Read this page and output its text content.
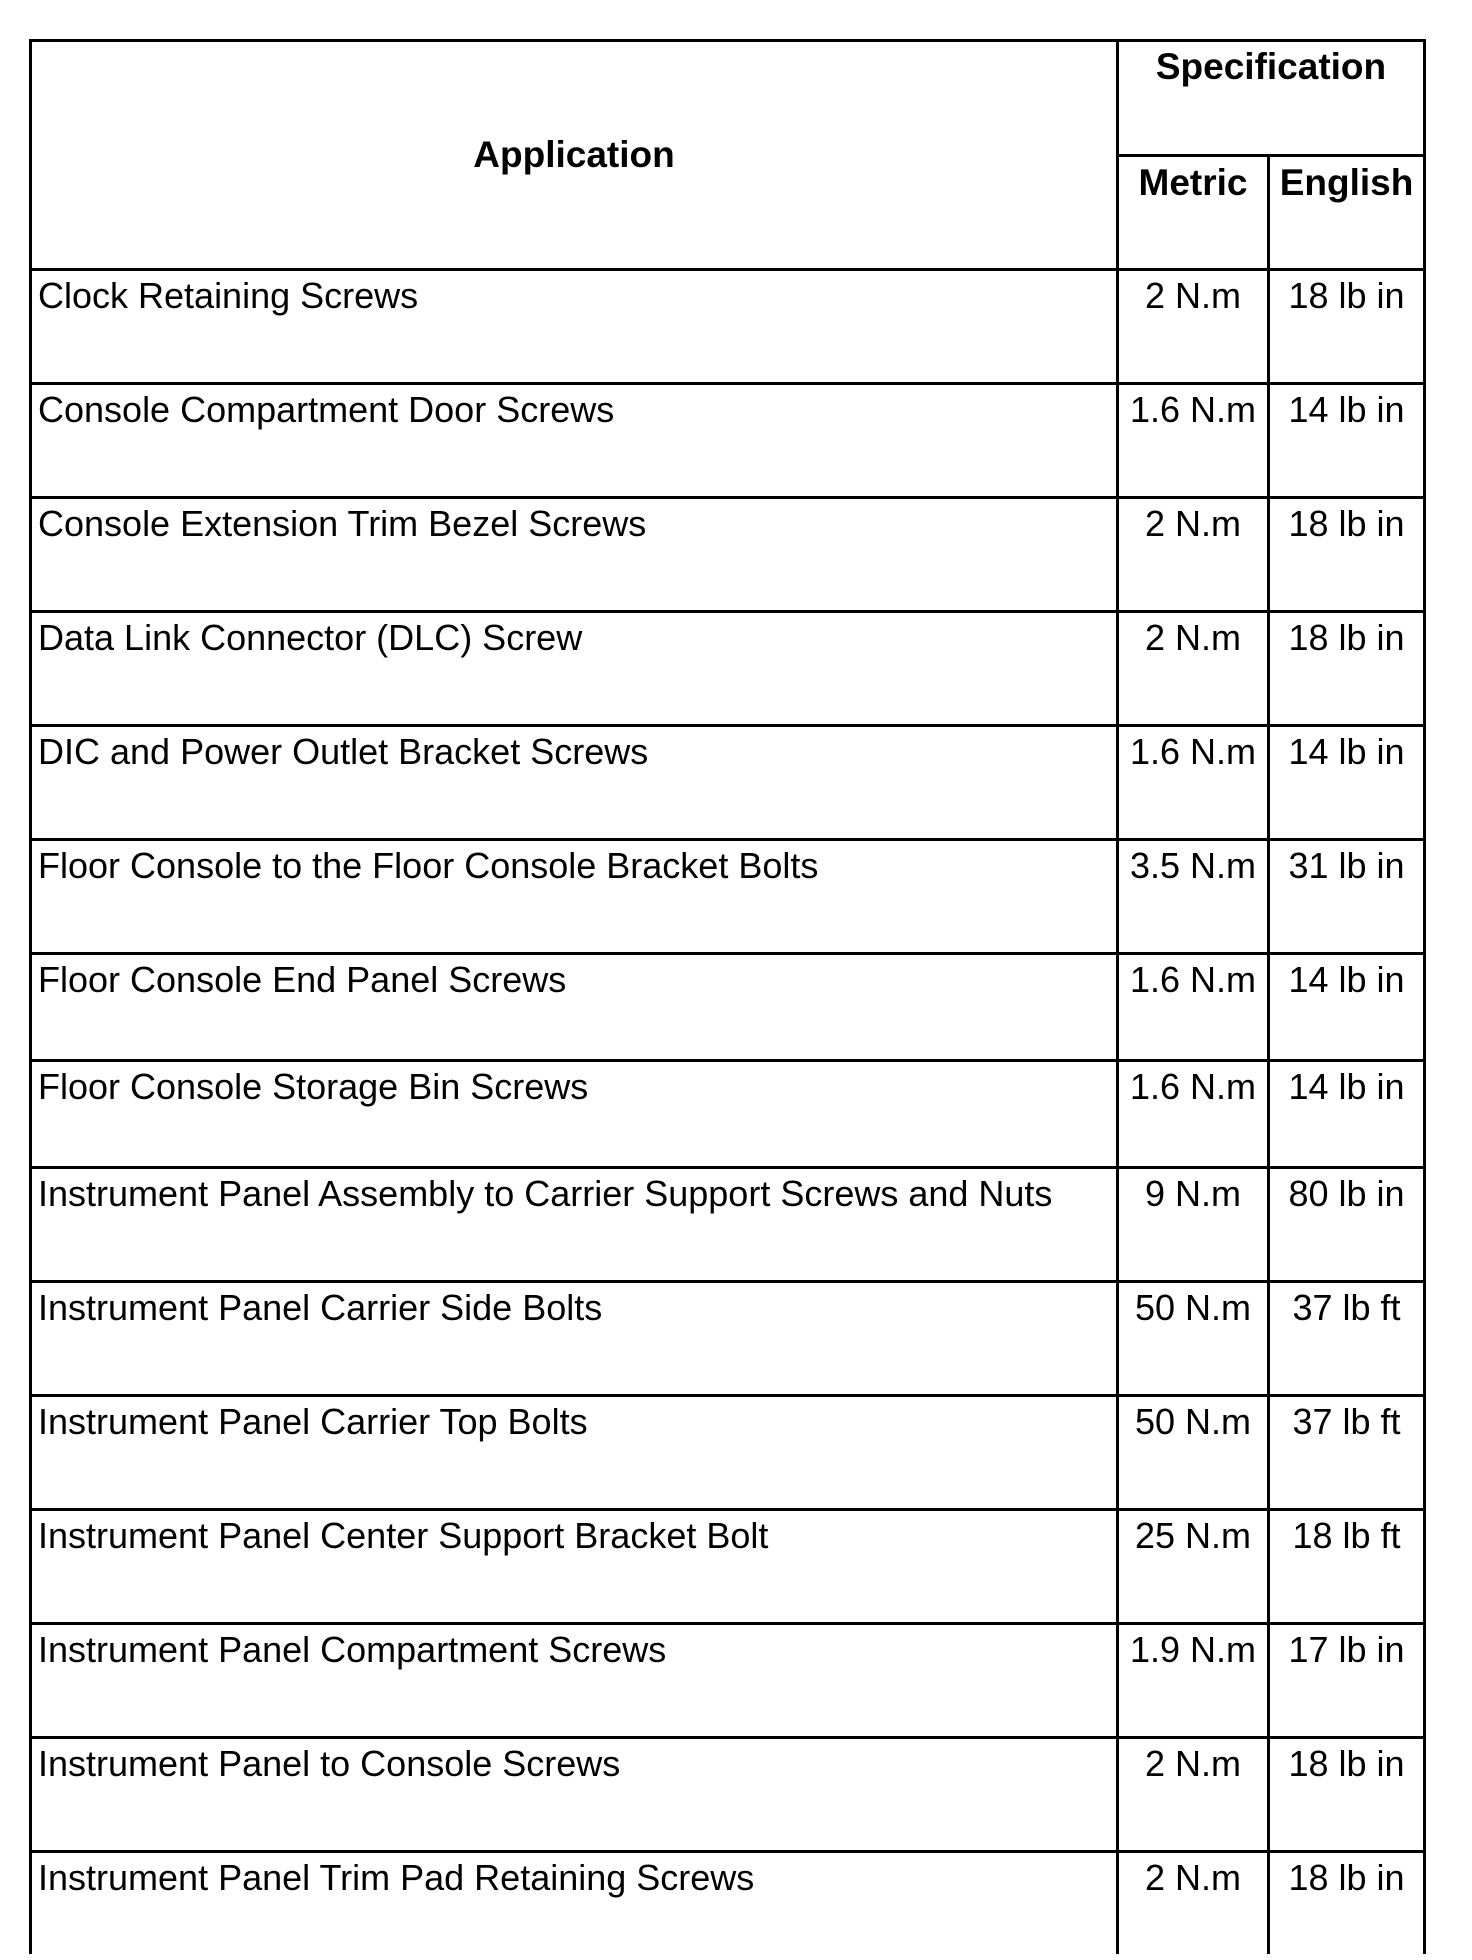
Application	Specification	
	Metric	English
Clock Retaining Screws	2 N.m	18 lb in
Console Compartment Door Screws	1.6 N.m	14 lb in
Console Extension Trim Bezel Screws	2 N.m	18 lb in
Data Link Connector (DLC) Screw	2 N.m	18 lb in
DIC and Power Outlet Bracket Screws	1.6 N.m	14 lb in
Floor Console to the Floor Console Bracket Bolts	3.5 N.m	31 lb in
Floor Console End Panel Screws	1.6 N.m	14 lb in
Floor Console Storage Bin Screws	1.6 N.m	14 lb in
Instrument Panel Assembly to Carrier Support Screws and Nuts	9 N.m	80 lb in
Instrument Panel Carrier Side Bolts	50 N.m	37 lb ft
Instrument Panel Carrier Top Bolts	50 N.m	37 lb ft
Instrument Panel Center Support Bracket Bolt	25 N.m	18 lb ft
Instrument Panel Compartment Screws	1.9 N.m	17 lb in
Instrument Panel to Console Screws	2 N.m	18 lb in
Instrument Panel Trim Pad Retaining Screws	2 N.m	18 lb in
